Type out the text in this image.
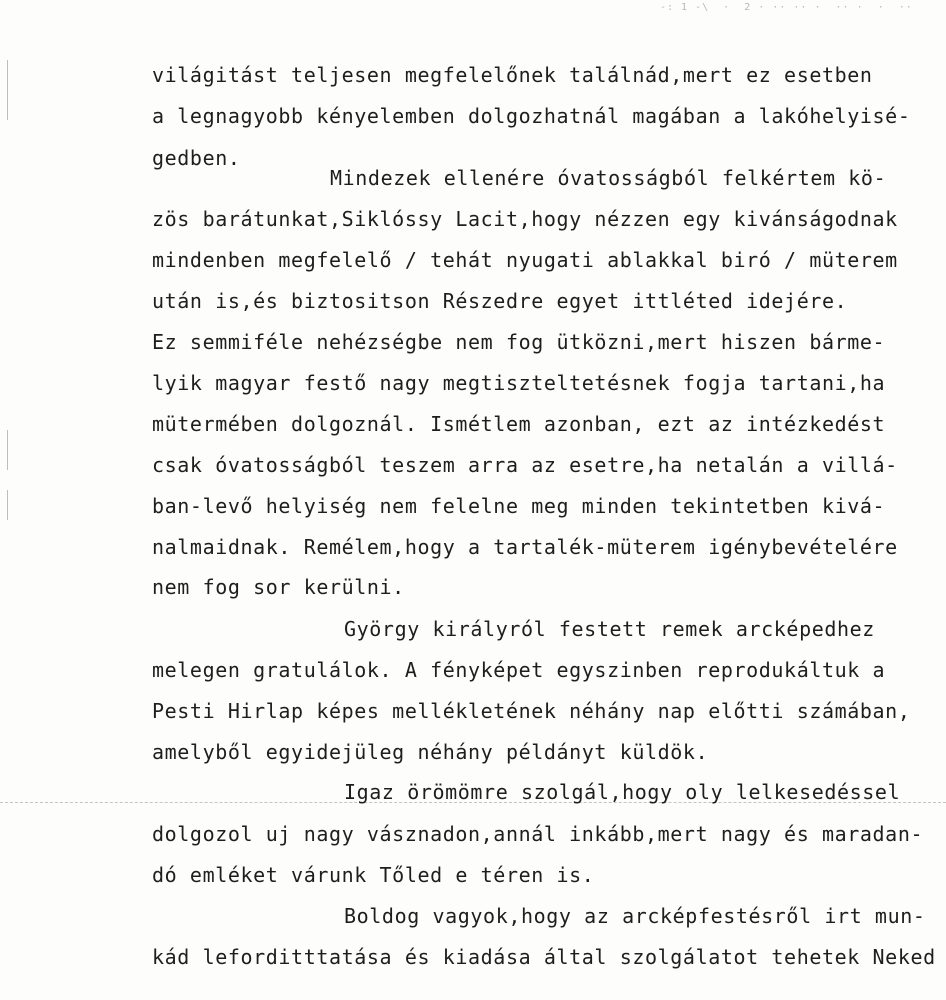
-: 1 -\  ·  2 · ·· ·· ·  ·· ·  ·  ··
világitást teljesen megfelelőnek találnád,mert ez esetben
a legnagyobb kényelemben dolgozhatnál magában a lakóhelyisé-
gedben.
Mindezek ellenére óvatosságból felkértem kö-
zös barátunkat,Siklóssy Lacit,hogy nézzen egy kivánságodnak
mindenben megfelelő / tehát nyugati ablakkal biró / müterem
után is,és biztositson Részedre egyet ittléted idejére.
Ez semmiféle nehézségbe nem fog ütközni,mert hiszen bárme-
lyik magyar festő nagy megtiszteltetésnek fogja tartani,ha
mütermében dolgoznál. Ismétlem azonban, ezt az intézkedést
csak óvatosságból teszem arra az esetre,ha netalán a villá-
ban-levő helyiség nem felelne meg minden tekintetben kivá-
nalmaidnak. Remélem,hogy a tartalék-müterem igénybevételére
nem fog sor kerülni.
György királyról festett remek arcképedhez
melegen gratulálok. A fényképet egyszinben reprodukáltuk a
Pesti Hirlap képes mellékletének néhány nap előtti számában,
amelyből egyidejüleg néhány példányt küldök.
Igaz örömömre szolgál,hogy oly lelkesedéssel
dolgozol uj nagy vásznadon,annál inkább,mert nagy és maradan-
dó emléket várunk Tőled e téren is.
Boldog vagyok,hogy az arcképfestésről irt mun-
kád leforditttatása és kiadása által szolgálatot tehetek Neked
